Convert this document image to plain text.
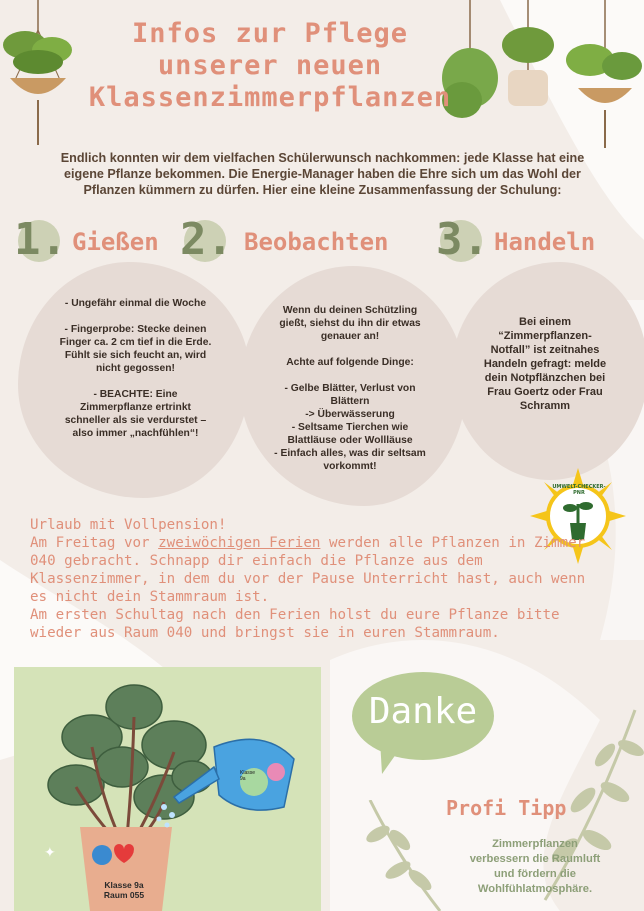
Infos zur Pflege
unserer neuen
Klassenzimmerpflanzen
Endlich konnten wir dem vielfachen Schülerwunsch nachkommen: jede Klasse hat eine eigene Pflanze bekommen. Die Energie-Manager haben die Ehre sich um das Wohl der Pflanzen kümmern zu dürfen. Hier eine kleine Zusammenfassung der Schulung:
1. Gießen 2. Beobachten 3. Handeln
- Ungefähr einmal die Woche

- Fingerprobe: Stecke deinen Finger ca. 2 cm tief in die Erde. Fühlt sie sich feucht an, wird nicht gegossen!

- BEACHTE: Eine Zimmerpflanze ertrinkt schneller als sie verdurstet – also immer „nachfühlen“!
Wenn du deinen Schützling gießt, siehst du ihn dir etwas genauer an!

Achte auf folgende Dinge:

- Gelbe Blätter, Verlust von Blättern
-> Überwässerung
- Seltsame Tierchen wie Blattläuse oder Wollläuse
- Einfach alles, was dir seltsam vorkommt!
Bei einem “Zimmerpflanzen-Notfall” ist zeitnahes Handeln gefragt: melde dein Notpflänzchen bei Frau Goertz oder Frau Schramm
UMWELT-CHECKER-PNR
Urlaub mit Vollpension!
Am Freitag vor zweiwöchigen Ferien werden alle Pflanzen in Zimmer 040 gebracht. Schnapp dir einfach die Pflanze aus dem Klassenzimmer, in dem du vor der Pause Unterricht hast, auch wenn es nicht dein Stammraum ist.
Am ersten Schultag nach den Ferien holst du eure Pflanze bitte wieder aus Raum 040 und bringst sie in euren Stammraum.
✦
Klasse 9a
Raum 055
Klasse 9a
Danke
Profi Tipp
Zimmerpflanzen
verbessern die Raumluft
und fördern die
Wohlfühlatmosphäre.
